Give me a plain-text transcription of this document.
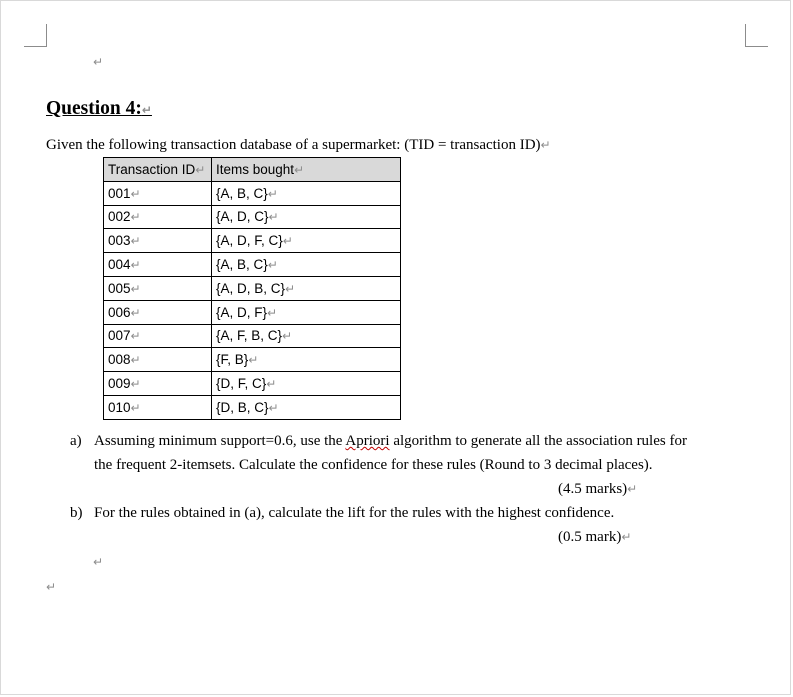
↵
Question 4:↵
Given the following transaction database of a supermarket: (TID = transaction ID)↵
Transaction ID↵	Items bought↵
001↵	{A, B, C}↵
002↵	{A, D, C}↵
003↵	{A, D, F, C}↵
004↵	{A, B, C}↵
005↵	{A, D, B, C}↵
006↵	{A, D, F}↵
007↵	{A, F, B, C}↵
008↵	{F, B}↵
009↵	{D, F, C}↵
010↵	{D, B, C}↵
a) Assuming minimum support=0.6, use the Apriori algorithm to generate all the association rules for
the frequent 2-itemsets. Calculate the confidence for these rules (Round to 3 decimal places).
(4.5 marks)↵
b) For the rules obtained in (a), calculate the lift for the rules with the highest confidence.
(0.5 mark)↵
↵
↵
